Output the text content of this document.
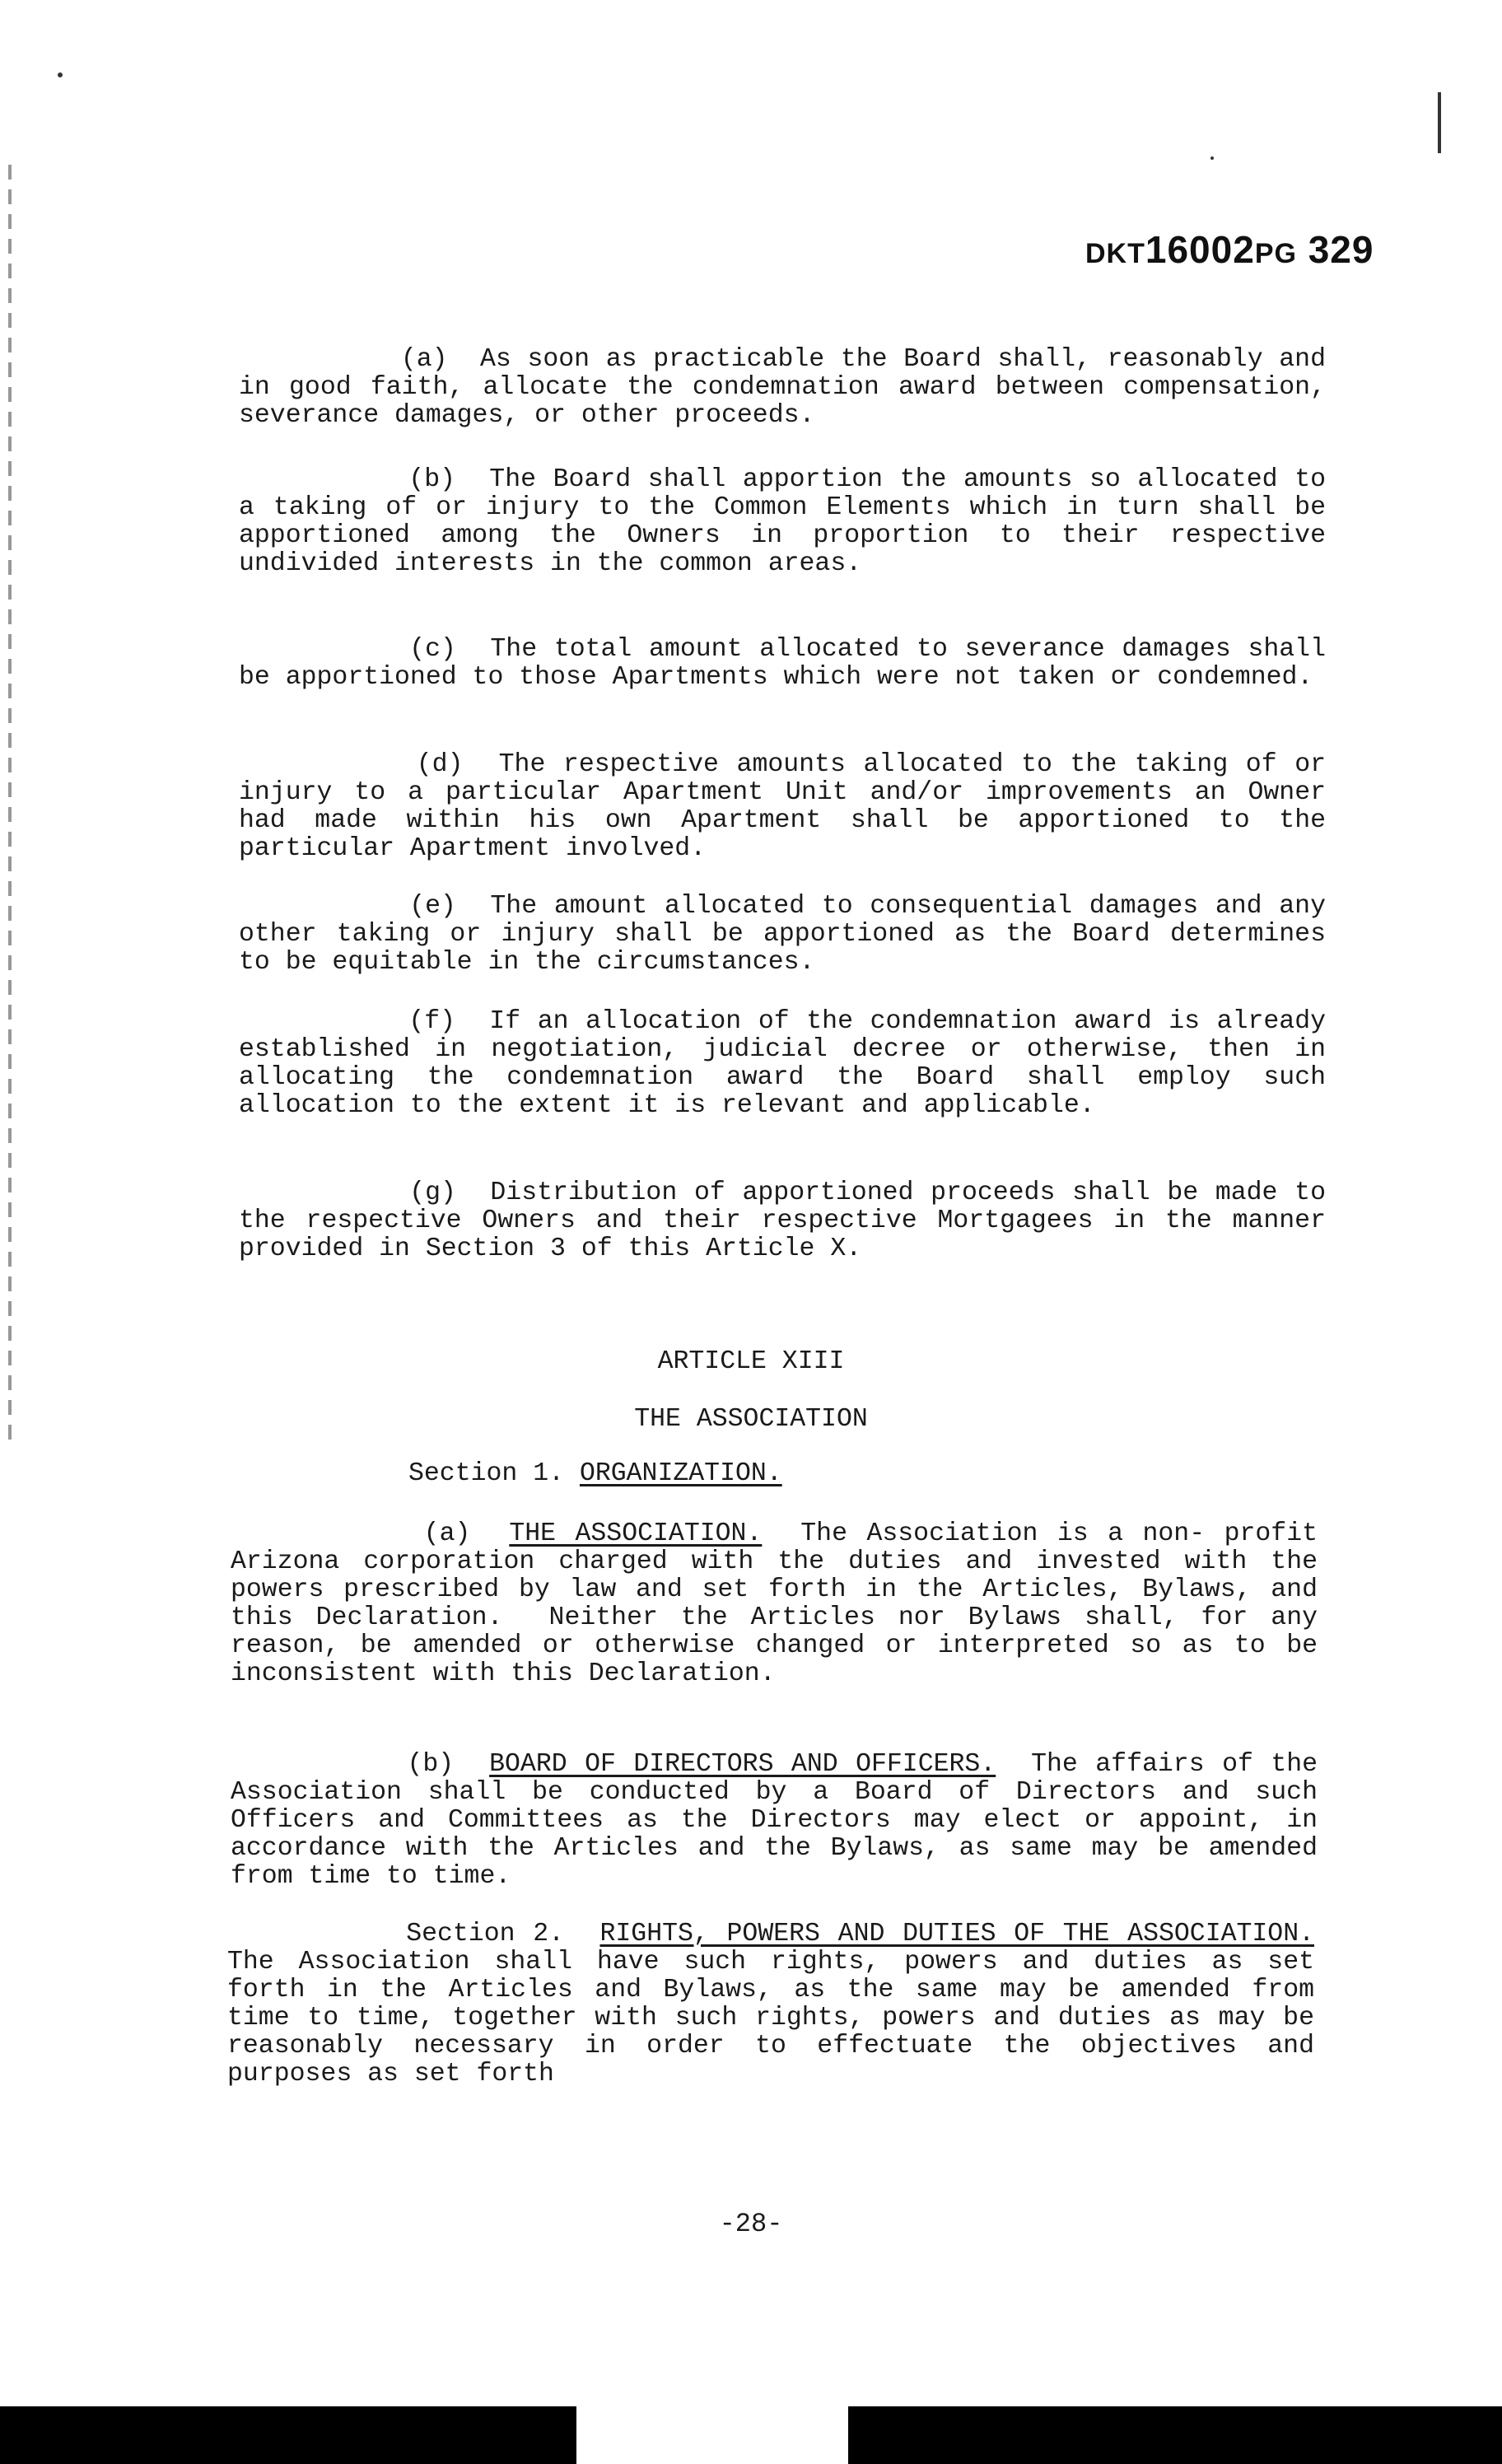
DKT16002PG 329
(a)  As soon as practicable the Board shall, reasonably and in good faith, allocate the condemnation award between compensation, severance damages, or other proceeds.
(b)  The Board shall apportion the amounts so allocated to a taking of or injury to the Common Elements which in turn shall be apportioned among the Owners in proportion to their respective undivided interests in the common areas.
(c)  The total amount allocated to severance damages shall be apportioned to those Apartments which were not taken or condemned.
(d)  The respective amounts allocated to the taking of or injury to a particular Apartment Unit and/or improvements an Owner had made within his own Apartment shall be apportioned to the particular Apartment involved.
(e)  The amount allocated to consequential damages and any other taking or injury shall be apportioned as the Board determines to be equitable in the circumstances.
(f)  If an allocation of the condemnation award is already established in negotiation, judicial decree or otherwise, then in allocating the condemnation award the Board shall employ such allocation to the extent it is relevant and applicable.
(g)  Distribution of apportioned proceeds shall be made to the respective Owners and their respective Mortgagees in the manner provided in Section 3 of this Article X.
ARTICLE XIII
THE ASSOCIATION
Section 1. ORGANIZATION.
(a) THE ASSOCIATION.  The Association is a non- profit Arizona corporation charged with the duties and invested with the powers prescribed by law and set forth in the Articles, Bylaws, and this Declaration.  Neither the Articles nor Bylaws shall, for any reason, be amended or otherwise changed or interpreted so as to be inconsistent with this Declaration.
(b) BOARD OF DIRECTORS AND OFFICERS.  The affairs of the Association shall be conducted by a Board of Directors and such Officers and Committees as the Directors may elect or appoint, in accordance with the Articles and the Bylaws, as same may be amended from time to time.
Section 2. RIGHTS, POWERS AND DUTIES OF THE ASSOCIATION.  The Association shall have such rights, powers and duties as set forth in the Articles and Bylaws, as the same may be amended from time to time, together with such rights, powers and duties as may be reasonably necessary in order to effectuate the objectives and purposes as set forth
-28-
